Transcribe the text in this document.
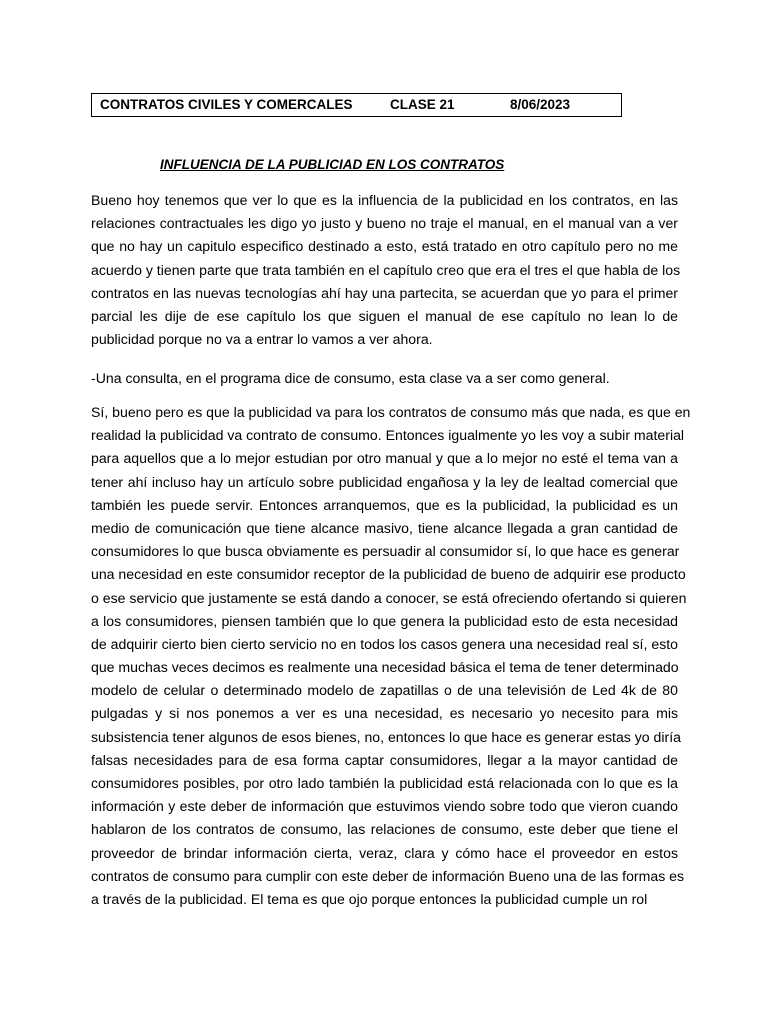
CONTRATOS CIVILES Y COMERCALES	CLASE 21	8/06/2023
INFLUENCIA DE LA PUBLICIAD EN LOS CONTRATOS
Bueno hoy tenemos que ver lo que es la influencia de la publicidad en los contratos, en las
relaciones contractuales les digo yo justo y bueno no traje el manual, en el manual van a ver
que no hay un capitulo especifico destinado a esto, está tratado en otro capítulo pero no me
acuerdo y tienen parte que trata también en el capítulo creo que era el tres el que habla de los
contratos en las nuevas tecnologías ahí hay una partecita, se acuerdan que yo para el primer
parcial les dije de ese capítulo los que siguen el manual de ese capítulo no lean lo de
publicidad porque no va a entrar lo vamos a ver ahora.
-Una consulta, en el programa dice de consumo, esta clase va a ser como general.
Sí, bueno pero es que la publicidad va para los contratos de consumo más que nada, es que en
realidad la publicidad va contrato de consumo. Entonces igualmente yo les voy a subir material
para aquellos que a lo mejor estudian por otro manual y que a lo mejor no esté el tema van a
tener ahí incluso hay un artículo sobre publicidad engañosa y la ley de lealtad comercial que
también les puede servir. Entonces arranquemos, que es la publicidad, la publicidad es un
medio de comunicación que tiene alcance masivo, tiene alcance llegada a gran cantidad de
consumidores lo que busca obviamente es persuadir al consumidor sí, lo que hace es generar
una necesidad en este consumidor receptor de la publicidad de bueno de adquirir ese producto
o ese servicio que justamente se está dando a conocer, se está ofreciendo ofertando si quieren
a los consumidores, piensen también que lo que genera la publicidad esto de esta necesidad
de adquirir cierto bien cierto servicio no en todos los casos genera una necesidad real sí, esto
que muchas veces decimos es realmente una necesidad básica el tema de tener determinado
modelo de celular o determinado modelo de zapatillas o de una televisión de Led 4k de 80
pulgadas y si nos ponemos a ver es una necesidad, es necesario yo necesito para mis
subsistencia tener algunos de esos bienes, no, entonces lo que hace es generar estas yo diría
falsas necesidades para de esa forma captar consumidores, llegar a la mayor cantidad de
consumidores posibles, por otro lado también la publicidad está relacionada con lo que es la
información y este deber de información que estuvimos viendo sobre todo que vieron cuando
hablaron de los contratos de consumo, las relaciones de consumo, este deber que tiene el
proveedor de brindar información cierta, veraz, clara y cómo hace el proveedor en estos
contratos de consumo para cumplir con este deber de información Bueno una de las formas es
a través de la publicidad. El tema es que ojo porque entonces la publicidad cumple un rol
